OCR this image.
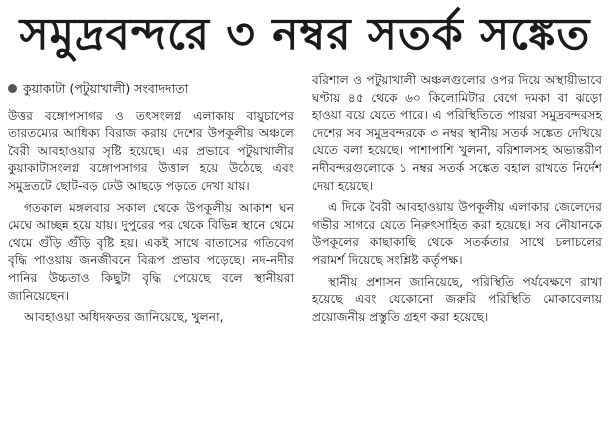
সমুদ্রবন্দরে ৩ নম্বর সতর্ক সঙ্কেত
কুয়াকাটা (পটুয়াখালী) সংবাদদাতা

উত্তর বঙ্গোপসাগর ও তৎসংলগ্ন এলাকায় বায়ুচাপের তারতম্যের আধিক্য বিরাজ করায় দেশের উপকূলীয় অঞ্চলে বৈরী আবহাওয়ার সৃষ্টি হয়েছে। এর প্রভাবে পটুয়াখালীর কুয়াকাটাসংলগ্ন বঙ্গোপসাগর উত্তাল হয়ে উঠেছে এবং সমুদ্রতটে ছোট-বড় ঢেউ আছড়ে পড়তে দেখা যায়।

গতকাল মঙ্গলবার সকাল থেকে উপকূলীয় আকাশ ঘন মেঘে আচ্ছন্ন হয়ে যায়। দুপুরের পর থেকে বিভিন্ন স্থানে থেমে থেমে গুঁড়ি গুঁড়ি বৃষ্টি হয়। একই সাথে বাতাসের গতিবেগ বৃদ্ধি পাওয়ায় জনজীবনে বিরূপ প্রভাব পড়েছে। নদ-নদীর পানির উচ্চতাও কিছুটা বৃদ্ধি পেয়েছে বলে স্থানীয়রা জানিয়েছেন।

আবহাওয়া অধিদফতর জানিয়েছে, খুলনা,

বরিশাল ও পটুয়াখালী অঞ্চলগুলোর ওপর দিয়ে অস্থায়ীভাবে ঘণ্টায় ৪৫ থেকে ৬০ কিলোমিটার বেগে দমকা বা ঝড়ো হাওয়া বয়ে যেতে পারে। এ পরিস্থিতিতে পায়রা সমুদ্রবন্দরসহ দেশের সব সমুদ্রবন্দরকে ৩ নম্বর স্থানীয় সতর্ক সঙ্কেত দেখিয়ে যেতে বলা হয়েছে। পাশাপাশি খুলনা, বরিশালসহ অভ্যন্তরীণ নদীবন্দরগুলোকে ১ নম্বর সতর্ক সঙ্কেত বহাল রাখতে নির্দেশ দেয়া হয়েছে।

এ দিকে বৈরী আবহাওয়ায় উপকূলীয় এলাকার জেলেদের গভীর সাগরে যেতে নিরুৎসাহিত করা হয়েছে। সব নৌযানকে উপকূলের কাছাকাছি থেকে সতর্কতার সাথে চলাচলের পরামর্শ দিয়েছে সংশ্লিষ্ট কর্তৃপক্ষ।

স্থানীয় প্রশাসন জানিয়েছে, পরিস্থিতি পর্যবেক্ষণে রাখা হয়েছে এবং যেকোনো জরুরি পরিস্থিতি মোকাবেলায় প্রয়োজনীয় প্রস্তুতি গ্রহণ করা হয়েছে।
